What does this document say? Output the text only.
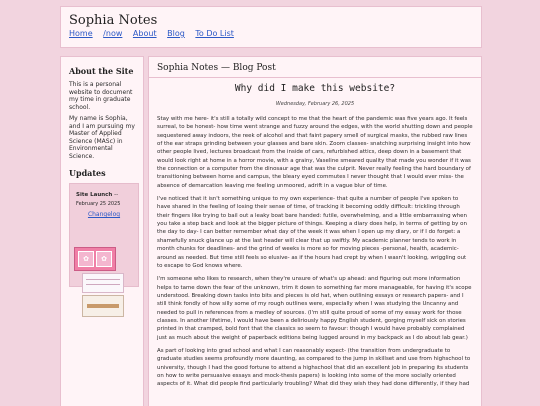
Sophia Notes
Home /now About Blog To Do List
About the Site
This is a personal website to document my time in graduate school.
My name is Sophia, and I am pursuing my Master of Applied Science (MASc) in Environmental Science.
Updates
Site Launch --
February 25 2025
Changelog
✿	✿
Sophia Notes — Blog Post
Why did I make this website?
Wednesday, February 26, 2025

Stay with me here- it's still a totally wild concept to me that the heart of the pandemic was five years ago. It feels surreal, to be honest- how time went strange and fuzzy around the edges, with the world shutting down and people sequestered away indoors, the reek of alcohol and that faint papery smell of surgical masks, the rubbed raw lines of the ear straps grinding between your glasses and bare skin. Zoom classes- snatching surprising insight into how other people lived, lectures broadcast from the inside of cars, refurbished attics, deep down in a basement that would look right at home in a horror movie, with a grainy, Vaseline smeared quality that made you wonder if it was the connection or a computer from the dinosaur age that was the culprit. Never really feeling the hard boundary of transitioning between home and campus, the bleary eyed commutes I never thought that I would ever miss- the absence of demarcation leaving me feeling unmoored, adrift in a vague blur of time.

I've noticed that it isn't something unique to my own experience- that quite a number of people I've spoken to have shared in the feeling of losing their sense of time, of tracking it becoming oddly difficult: trickling through their fingers like trying to bail out a leaky boat bare handed: futile, overwhelming, and a little embarrassing when you take a step back and look at the bigger picture of things. Keeping a diary does help, in terms of getting by on the day to day- I can better remember what day of the week it was when I open up my diary, or if I do forget: a shamefully snuck glance up at the last header will clear that up swiftly. My academic planner tends to work in month chunks for deadlines- and the grind of weeks is more so for moving pieces -personal, health, academic- around as needed. But time still feels so elusive- as if the hours had crept by when I wasn't looking, wriggling out to escape to God knows where.

I'm someone who likes to research, when they're unsure of what's up ahead: and figuring out more information helps to tame down the fear of the unknown, trim it down to something far more manageable, for having it's scope understood. Breaking down tasks into bits and pieces is old hat, when outlining essays or research papers- and I still think fondly of how silly some of my rough outlines were, especially when I was studying the Uncanny and needed to pull in references from a medley of sources. (I'm still quite proud of some of my essay work for those classes. In another lifetime, I would have been a deliriously happy English student, gorging myself sick on stories printed in that cramped, bold font that the classics so seem to favour: though I would have probably complained just as much about the weight of paperback editions being lugged around in my backpack as I do about lab gear.)

As part of looking into grad school and what I can reasonably expect- (the transition from undergraduate to graduate studies seems profoundly more daunting, as compared to the jump in skillset and use from highschool to university, though I had the good fortune to attend a highschool that did an excellent job in preparing its students on how to write persuasive essays and mock-thesis papers) is looking into some of the more socially oriented aspects of it. What did people find particularly troubling? What did they wish they had done differently, if they had
